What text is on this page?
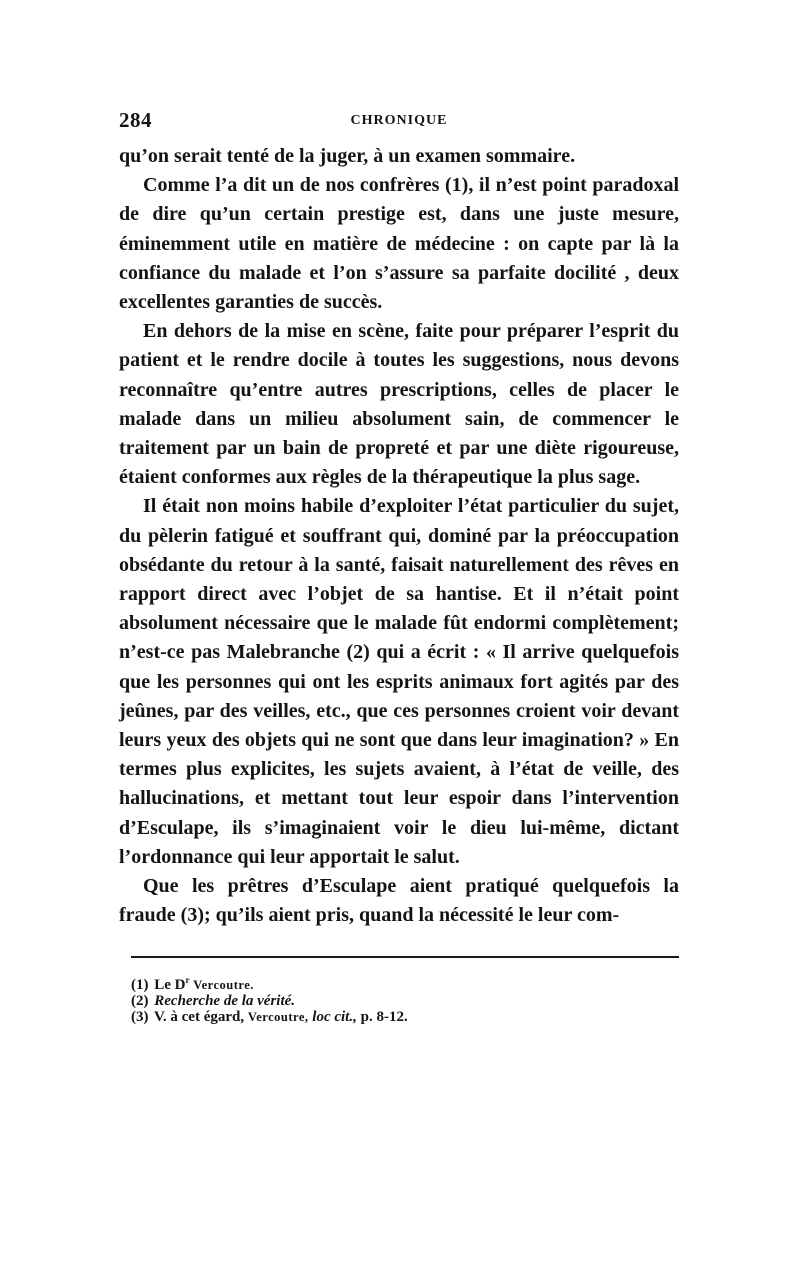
284	CHRONIQUE

qu’on serait tenté de la juger, à un examen sommaire.

Comme l’a dit un de nos confrères (1), il n’est point paradoxal de dire qu’un certain prestige est, dans une juste mesure, éminemment utile en matière de médecine : on capte par là la confiance du malade et l’on s’assure sa parfaite docilité , deux excellentes garanties de succès.

En dehors de la mise en scène, faite pour préparer l’esprit du patient et le rendre docile à toutes les suggestions, nous devons reconnaître qu’entre autres prescriptions, celles de placer le malade dans un milieu absolument sain, de commencer le traitement par un bain de propreté et par une diète rigoureuse, étaient conformes aux règles de la thérapeutique la plus sage.

Il était non moins habile d’exploiter l’état particulier du sujet, du pèlerin fatigué et souffrant qui, dominé par la préoccupation obsédante du retour à la santé, faisait naturellement des rêves en rapport direct avec l’objet de sa hantise. Et il n’était point absolument nécessaire que le malade fût endormi complètement; n’est-ce pas Malebranche (2) qui a écrit : « Il arrive quelquefois que les personnes qui ont les esprits animaux fort agités par des jeûnes, par des veilles, etc., que ces personnes croient voir devant leurs yeux des objets qui ne sont que dans leur imagination? » En termes plus explicites, les sujets avaient, à l’état de veille, des hallucinations, et mettant tout leur espoir dans l’intervention d’Esculape, ils s’imaginaient voir le dieu lui-même, dictant l’ordonnance qui leur apportait le salut.

Que les prêtres d’Esculape aient pratiqué quelquefois la fraude (3); qu’ils aient pris, quand la nécessité le leur com-

(1) Le $D^r$ Vercoutre.
(2) Recherche de la vérité.
(3) V. à cet égard, Vercoutre, loc cit., p. 8-12.
